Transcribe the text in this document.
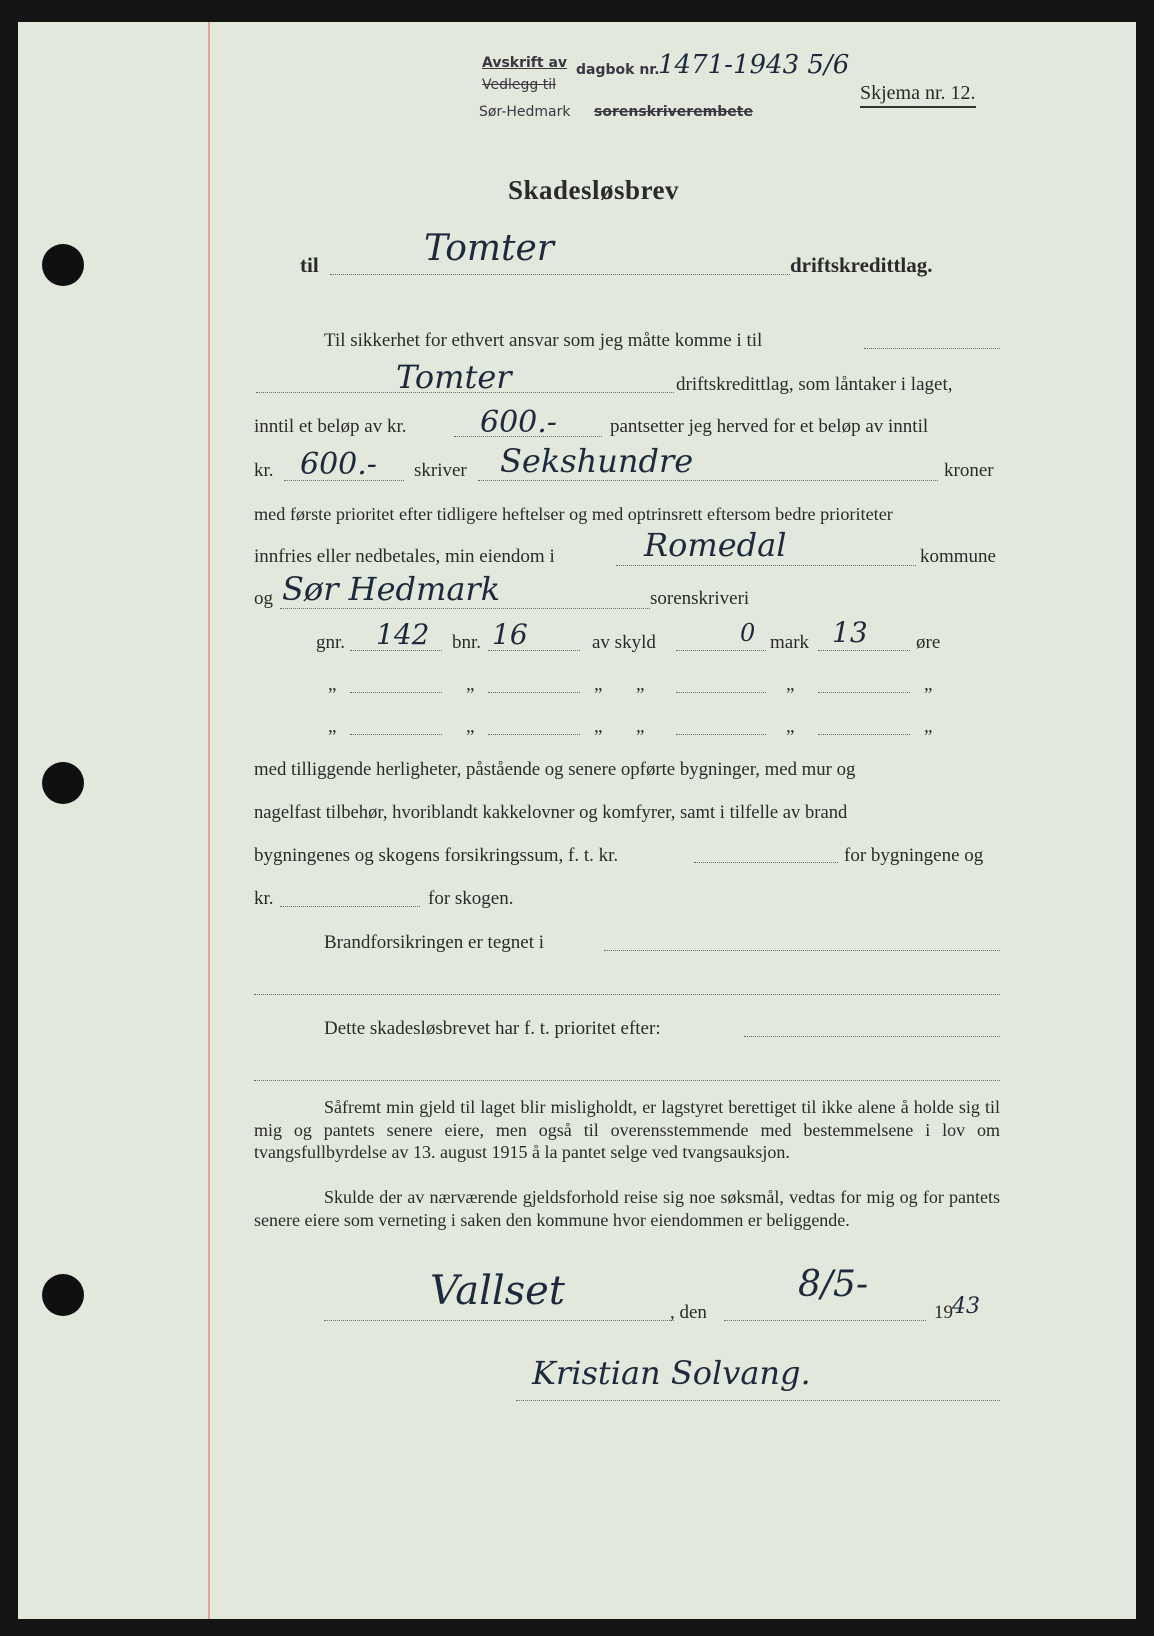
Avskrift av dagbok nr.
Vedlegg til
Sør-Hedmark sorenskriverembete
1471-1943 5/6
Skjema nr. 12.
Skadesløsbrev
til	Tomter	driftskredittlag.
Til sikkerhet for ethvert ansvar som jeg måtte komme i til
Tomter	driftskredittlag, som låntaker i laget,
inntil et beløp av kr. 600.-	pantsetter jeg herved for et beløp av inntil
kr. 600.- skriver Sekshundre	kroner
med første prioritet efter tidligere heftelser og med optrinsrett eftersom bedre prioriteter
innfries eller nedbetales, min eiendom i	Romedal	kommune
og Sør Hedmark	sorenskriveri
gnr. 142 bnr. 16	av skyld	0 mark 13	øre
„	„	„ „	„	„
„	„	„ „	„	„
med tilliggende herligheter, påstående og senere opførte bygninger, med mur og
nagelfast tilbehør, hvoriblandt kakkelovner og komfyrer, samt i tilfelle av brand
bygningenes og skogens forsikringssum, f. t. kr.	for bygningene og
kr.	for skogen.
Brandforsikringen er tegnet i
Dette skadesløsbrevet har f. t. prioritet efter:
Såfremt min gjeld til laget blir misligholdt, er lagstyret berettiget til ikke alene å holde sig til mig og pantets senere eiere, men også til overensstemmende med bestemmelsene i lov om tvangsfullbyrdelse av 13. august 1915 å la pantet selge ved tvangsauksjon.
Skulde der av nærværende gjeldsforhold reise sig noe søksmål, vedtas for mig og for pantets senere eiere som verneting i saken den kommune hvor eiendommen er beliggende.
Vallset	, den
8/5-
19 43
Kristian Solvang.
